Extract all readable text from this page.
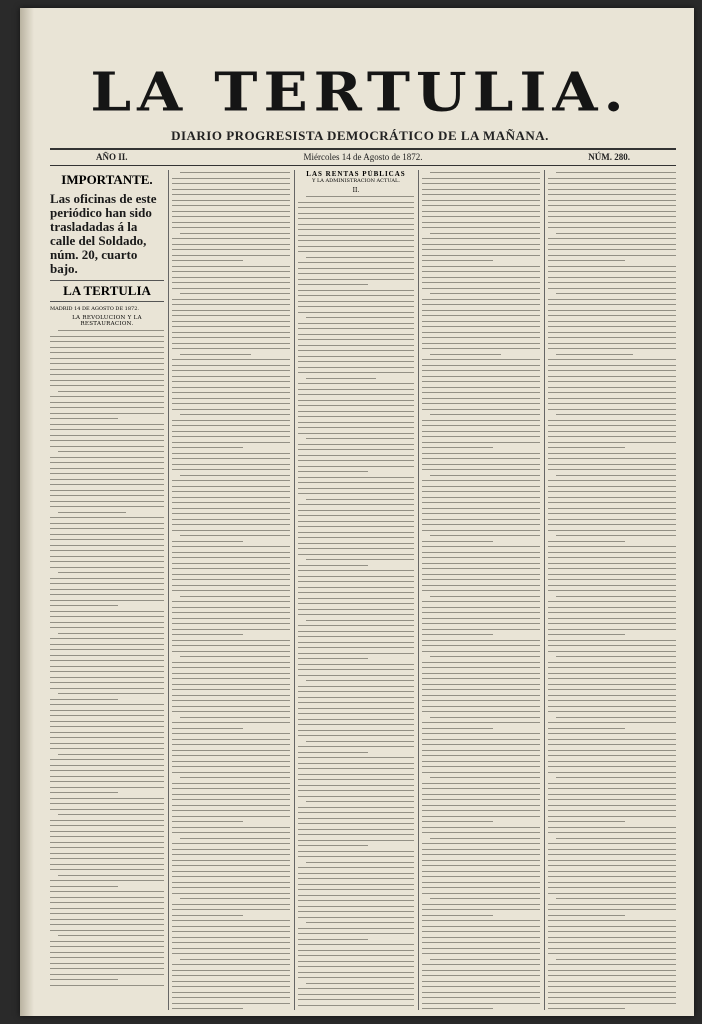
LA TERTULIA.
DIARIO PROGRESISTA DEMOCRÁTICO DE LA MAÑANA.
AÑO II.	Miércoles 14 de Agosto de 1872.	NÚM. 280.
IMPORTANTE.
Las oficinas de este periódico han sido trasladadas á la calle del Soldado, núm. 20, cuarto bajo.
LA TERTULIA
MADRID 14 DE AGOSTO DE 1872.
LA REVOLUCION Y LA RESTAURACION.
LAS RENTAS PÚBLICAS
Y LA ADMINISTRACION ACTUAL.
II.
